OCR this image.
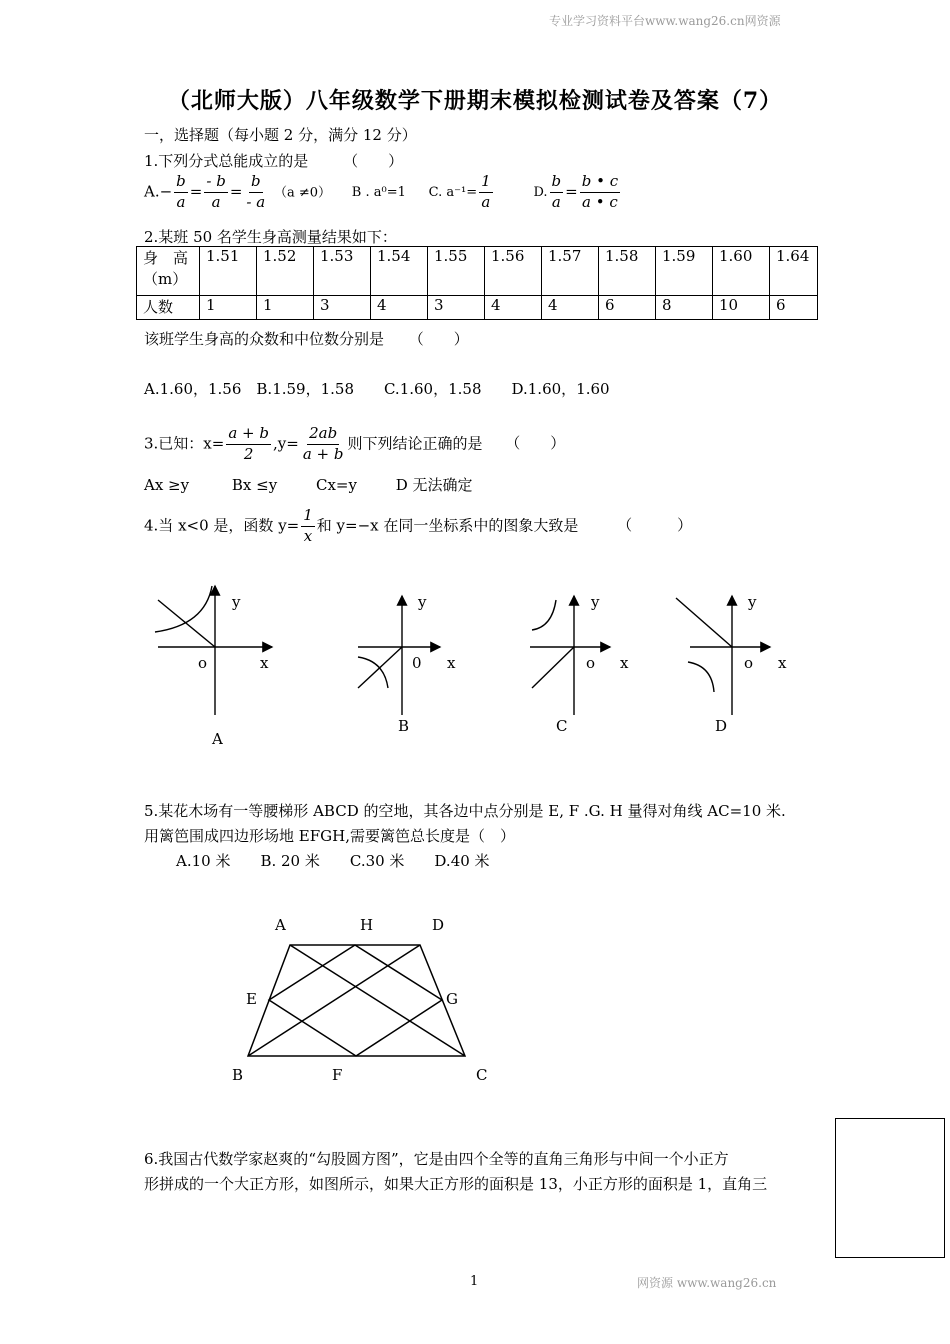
专业学习资料平台www.wang26.cn网资源
（北师大版）八年级数学下册期末模拟检测试卷及答案（7）
一，选择题（每小题 2 分，满分 12 分）
1.下列分式总能成立的是 （　　）
$A.- \frac{b}{a} = \frac{- b}{a} = \frac{b}{- a} (a \ne 0)$ B . a⁰=1 C. $a^{-1}= \frac{1}{a}$	D. $\frac{b}{a} = \frac{b • c}{a • c}$
2.某班 50 名学生身高测量结果如下：
身　高（m）	1.51	1.52	1.53	1.54	1.55	1.56	1.57	1.58	1.59	1.60	1.64
人数	1	1	3	4	3	4	4	6	8	10	6
该班学生身高的众数和中位数分别是 （　　）
A.1.60，1.56　B.1.59，1.58　　C.1.60，1.58　　D.1.60，1.60
3.已知：$x= \frac{a + b}{2} ,y= \frac{2ab}{a + b}$ 则下列结论正确的是 （　　）
Ax ≥y	Bx ≤y	Cx=y	D 无法确定
4.当 x<0 是，函数 $y= \frac{1}{x}$ 和 y=−x 在同一坐标系中的图象大致是	（　　　）
y
x
o
y
x
0
y
x
o
y
x
o
A
B	C	D
5.某花木场有一等腰梯形 ABCD 的空地，其各边中点分别是 E, F .G. H 量得对角线 AC=10 米.
用篱笆围成四边形场地 EFGH,需要篱笆总长度是（　）
A.10 米　　B. 20 米　　C.30 米　　D.40 米
A	H	D
E	G
B	F	C
6.我国古代数学家赵爽的“勾股圆方图”，它是由四个全等的直角三角形与中间一个小正方
形拼成的一个大正方形，如图所示，如果大正方形的面积是 13，小正方形的面积是 1，直角三
1	网资源 www.wang26.cn
